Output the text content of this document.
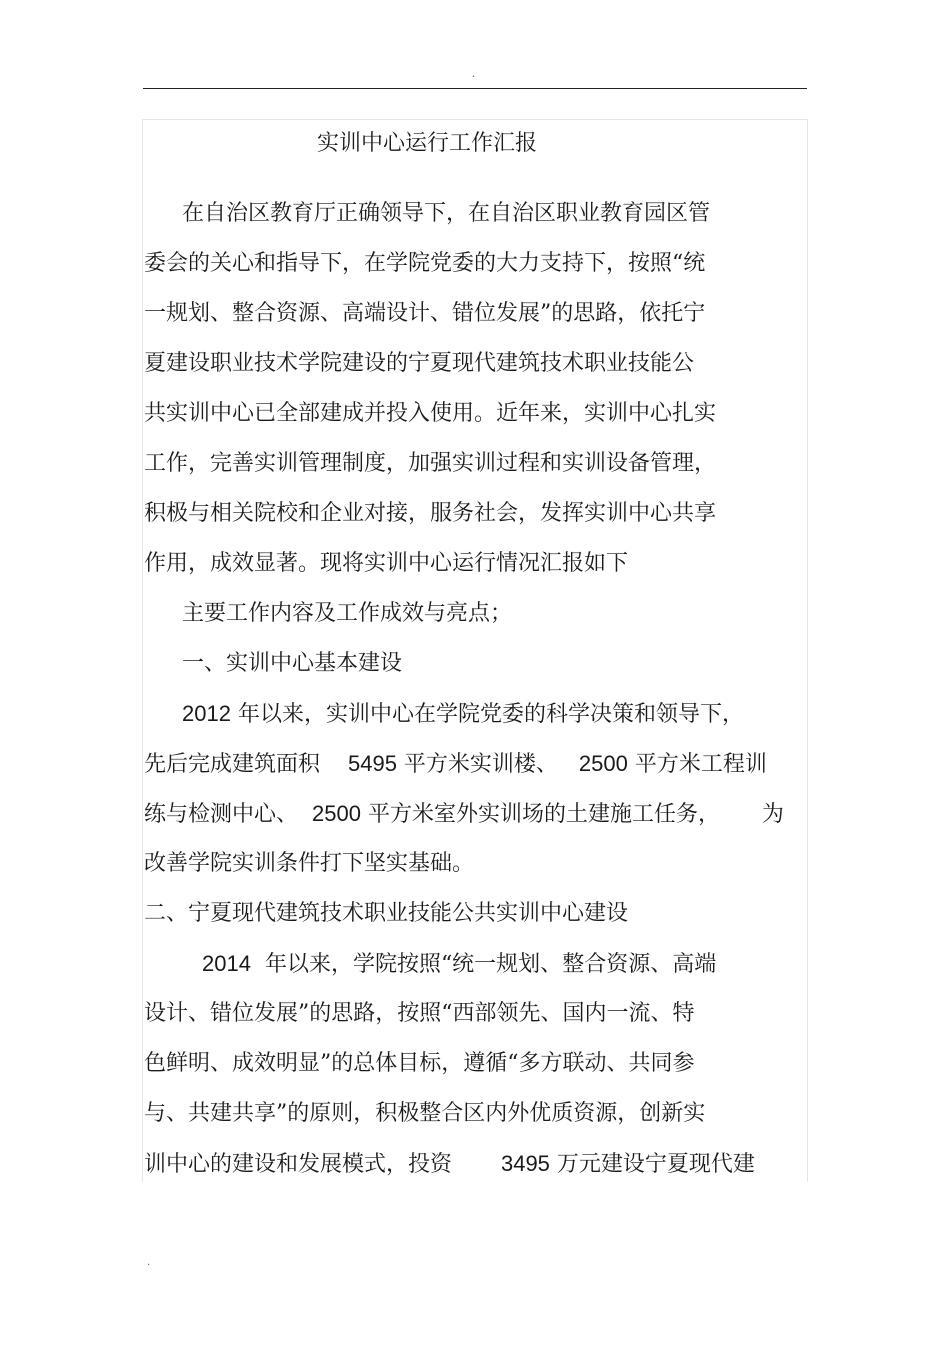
.
实训中心运行工作汇报
在自治区教育厅正确领导下，在自治区职业教育园区管
委会的关心和指导下，在学院党委的大力支持下，按照“统
一规划、整合资源、高端设计、错位发展”的思路，依托宁
夏建设职业技术学院建设的宁夏现代建筑技术职业技能公
共实训中心已全部建成并投入使用。近年来，实训中心扎实
工作，完善实训管理制度，加强实训过程和实训设备管理，
积极与相关院校和企业对接，服务社会，发挥实训中心共享
作用，成效显著。现将实训中心运行情况汇报如下
主要工作内容及工作成效与亮点；
一、实训中心基本建设
2012 年以来，实训中心在学院党委的科学决策和领导下，
先后完成建筑面积    5495 平方米实训楼、   2500 平方米工程训
练与检测中心、  2500 平方米室外实训场的土建施工任务，      为
改善学院实训条件打下坚实基础。
二、宁夏现代建筑技术职业技能公共实训中心建设
2014  年以来，学院按照“统一规划、整合资源、高端
设计、错位发展”的思路，按照“西部领先、国内一流、特
色鲜明、成效明显”的总体目标，遵循“多方联动、共同参
与、共建共享”的原则，积极整合区内外优质资源，创新实
训中心的建设和发展模式，投资       3495 万元建设宁夏现代建
.
